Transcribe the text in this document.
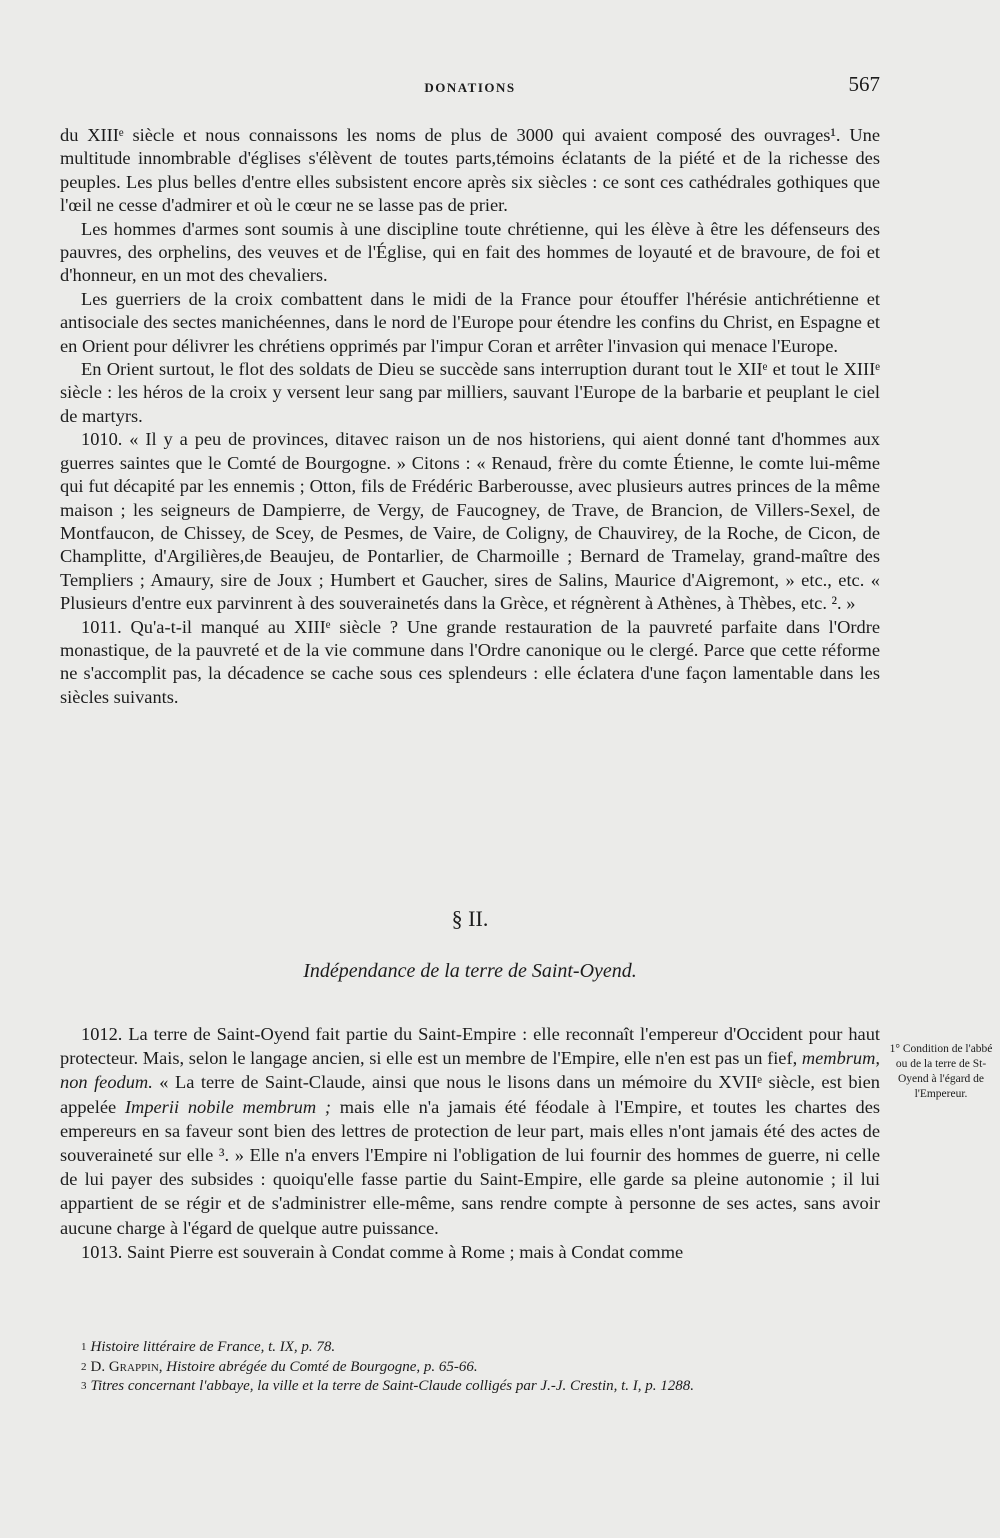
DONATIONS	567

du XIIIᵉ siècle et nous connaissons les noms de plus de 3000 qui avaient composé des ouvrages¹. Une multitude innombrable d'églises s'élèvent de toutes parts,témoins éclatants de la piété et de la richesse des peuples. Les plus belles d'entre elles subsistent encore après six siècles : ce sont ces cathédrales gothiques que l'œil ne cesse d'admirer et où le cœur ne se lasse pas de prier.

Les hommes d'armes sont soumis à une discipline toute chrétienne, qui les élève à être les défenseurs des pauvres, des orphelins, des veuves et de l'Église, qui en fait des hommes de loyauté et de bravoure, de foi et d'honneur, en un mot des chevaliers.

Les guerriers de la croix combattent dans le midi de la France pour étouffer l'hérésie antichrétienne et antisociale des sectes manichéennes, dans le nord de l'Europe pour étendre les confins du Christ, en Espagne et en Orient pour délivrer les chrétiens opprimés par l'impur Coran et arrêter l'invasion qui menace l'Europe.

En Orient surtout, le flot des soldats de Dieu se succède sans interruption durant tout le XIIᵉ et tout le XIIIᵉ siècle : les héros de la croix y versent leur sang par milliers, sauvant l'Europe de la barbarie et peuplant le ciel de martyrs.

1010. « Il y a peu de provinces, ditavec raison un de nos historiens, qui aient donné tant d'hommes aux guerres saintes que le Comté de Bourgogne. » Citons : « Renaud, frère du comte Étienne, le comte lui-même qui fut décapité par les ennemis ; Otton, fils de Frédéric Barberousse, avec plusieurs autres princes de la même maison ; les seigneurs de Dampierre, de Vergy, de Faucogney, de Trave, de Brancion, de Villers-Sexel, de Montfaucon, de Chissey, de Scey, de Pesmes, de Vaire, de Coligny, de Chauvirey, de la Roche, de Cicon, de Champlitte, d'Argilières,de Beaujeu, de Pontarlier, de Charmoille ; Bernard de Tramelay, grand-maître des Templiers ; Amaury, sire de Joux ; Humbert et Gaucher, sires de Salins, Maurice d'Aigremont, » etc., etc. « Plusieurs d'entre eux parvinrent à des souverainetés dans la Grèce, et régnèrent à Athènes, à Thèbes, etc. ². »

1011. Qu'a-t-il manqué au XIIIᵉ siècle ? Une grande restauration de la pauvreté parfaite dans l'Ordre monastique, de la pauvreté et de la vie commune dans l'Ordre canonique ou le clergé. Parce que cette réforme ne s'accomplit pas, la décadence se cache sous ces splendeurs : elle éclatera d'une façon lamentable dans les siècles suivants.

§ II.
Indépendance de la terre de Saint-Oyend.

1012. La terre de Saint-Oyend fait partie du Saint-Empire : elle reconnaît l'empereur d'Occident pour haut protecteur. Mais, selon le langage ancien, si elle est un membre de l'Empire, elle n'en est pas un fief, membrum, non feodum. « La terre de Saint-Claude, ainsi que nous le lisons dans un mémoire du XVIIᵉ siècle, est bien appelée Imperii nobile membrum ; mais elle n'a jamais été féodale à l'Empire, et toutes les chartes des empereurs en sa faveur sont bien des lettres de protection de leur part, mais elles n'ont jamais été des actes de souveraineté sur elle ³. » Elle n'a envers l'Empire ni l'obligation de lui fournir des hommes de guerre, ni celle de lui payer des subsides : quoiqu'elle fasse partie du Saint-Empire, elle garde sa pleine autonomie ; il lui appartient de se régir et de s'administrer elle-même, sans rendre compte à personne de ses actes, sans avoir aucune charge à l'égard de quelque autre puissance.

1013. Saint Pierre est souverain à Condat comme à Rome ; mais à Condat comme

1° Condition de l'abbé ou de la terre de St-Oyend à l'égard de l'Empereur.

$^1$ Histoire littéraire de France, t. IX, p. 78.

$^2$ D. Grappin, Histoire abrégée du Comté de Bourgogne, p. 65-66.

$^3$ Titres concernant l'abbaye, la ville et la terre de Saint-Claude colligés par J.-J. Crestin, t. I, p. 1288.
